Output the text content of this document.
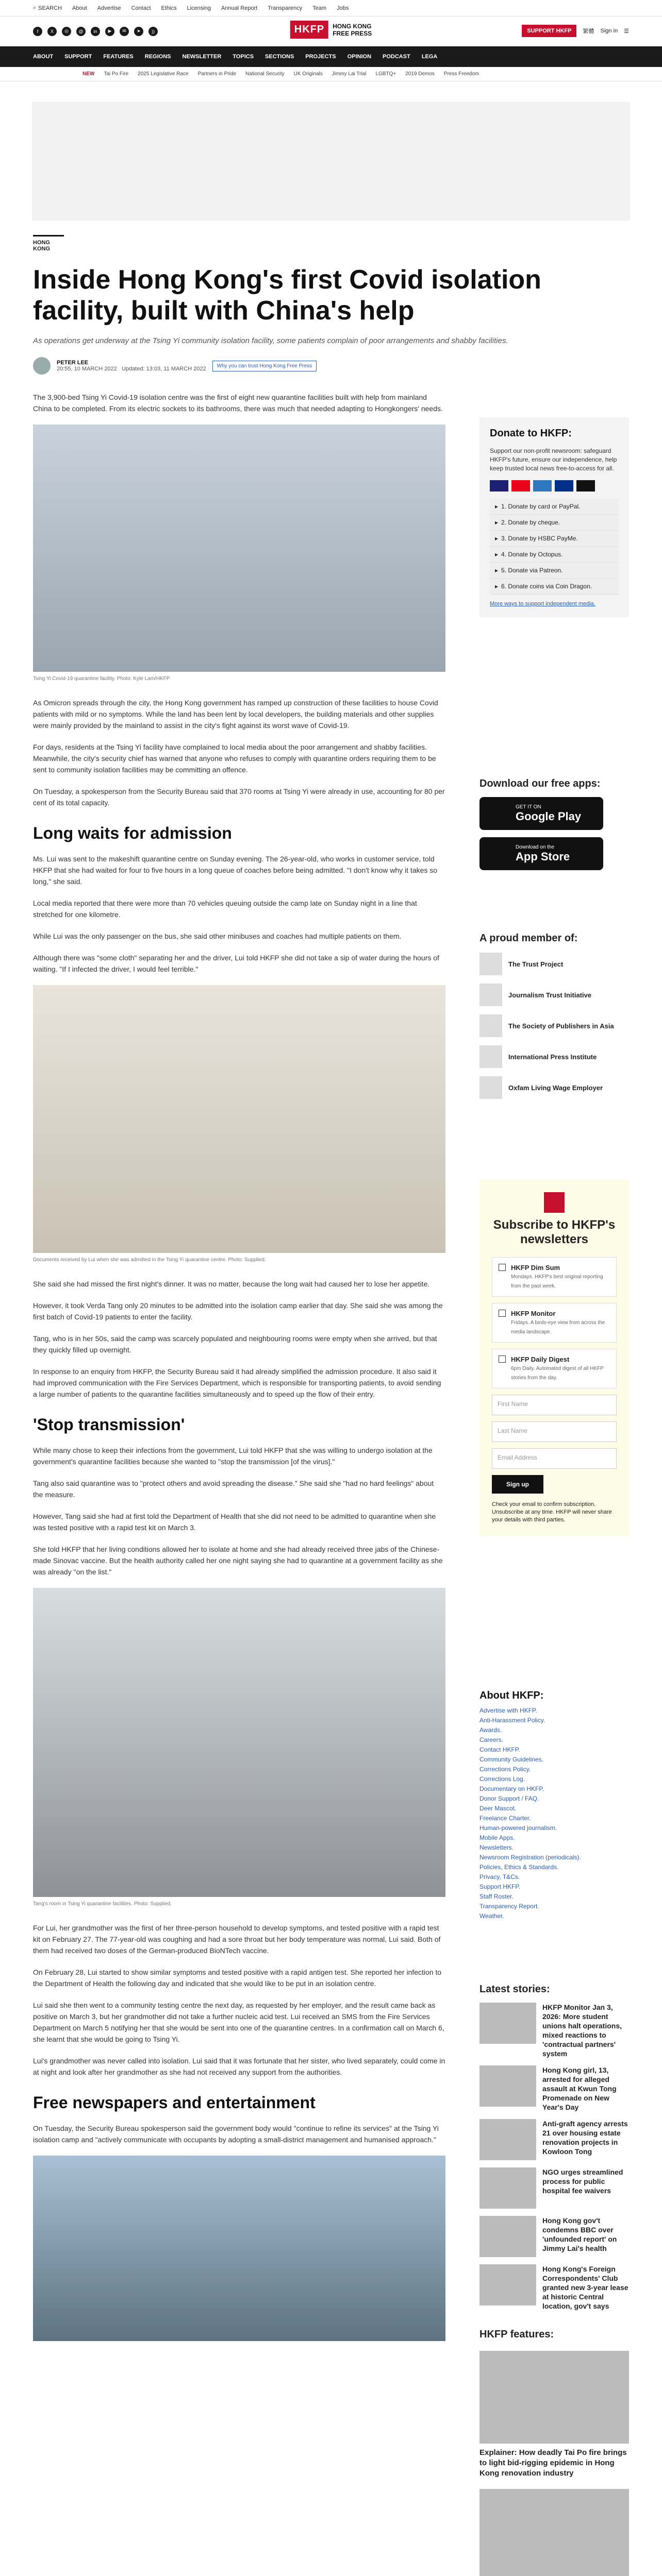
⌕ SEARCH About Advertise Contact Ethics Licensing Annual Report Transparency Team Jobs
f	X	◎	@	in	▶	✉	➤	))	HKFP	HONG KONG
FREE PRESS	SUPPORT HKFP	繁體 Sign in ☰
ABOUT SUPPORT FEATURES REGIONS NEWSLETTER TOPICS SECTIONS PROJECTS OPINION PODCAST LEGA
NEW Tai Po Fire 2025 Legislative Race Partners in Pride National Security UK Originals Jimmy Lai Trial LGBTQ+ 2019 Demos Press Freedom
HONG KONG
Inside Hong Kong's first Covid isolation facility, built with China's help
As operations get underway at the Tsing Yi community isolation facility, some patients complain of poor arrangements and shabby facilities.
PETER LEE
20:55, 10 MARCH 2022 Updated: 13:03, 11 MARCH 2022	Why you can trust Hong Kong Free Press

The 3,900-bed Tsing Yi Covid-19 isolation centre was the first of eight new quarantine facilities built with help from mainland China to be completed. From its electric sockets to its bathrooms, there was much that needed adapting to Hongkongers' needs.

Tsing Yi Covid-19 quarantine facility. Photo: Kyle Lam/HKFP

As Omicron spreads through the city, the Hong Kong government has ramped up construction of these facilities to house Covid patients with mild or no symptoms. While the land has been lent by local developers, the building materials and other supplies were mainly provided by the mainland to assist in the city's fight against its worst wave of Covid-19.

For days, residents at the Tsing Yi facility have complained to local media about the poor arrangement and shabby facilities. Meanwhile, the city's security chief has warned that anyone who refuses to comply with quarantine orders requiring them to be sent to community isolation facilities may be committing an offence.

On Tuesday, a spokesperson from the Security Bureau said that 370 rooms at Tsing Yi were already in use, accounting for 80 per cent of its total capacity.

Long waits for admission

Ms. Lui was sent to the makeshift quarantine centre on Sunday evening. The 26-year-old, who works in customer service, told HKFP that she had waited for four to five hours in a long queue of coaches before being admitted. "I don't know why it takes so long," she said.

Local media reported that there were more than 70 vehicles queuing outside the camp late on Sunday night in a line that stretched for one kilometre.

While Lui was the only passenger on the bus, she said other minibuses and coaches had multiple patients on them.

Although there was "some cloth" separating her and the driver, Lui told HKFP she did not take a sip of water during the hours of waiting. "If I infected the driver, I would feel terrible."

Documents received by Lui when she was admitted in the Tsing Yi quarantine centre. Photo: Supplied.

She said she had missed the first night's dinner. It was no matter, because the long wait had caused her to lose her appetite.

However, it took Verda Tang only 20 minutes to be admitted into the isolation camp earlier that day. She said she was among the first batch of Covid-19 patients to enter the facility.

Tang, who is in her 50s, said the camp was scarcely populated and neighbouring rooms were empty when she arrived, but that they quickly filled up overnight.

In response to an enquiry from HKFP, the Security Bureau said it had already simplified the admission procedure. It also said it had improved communication with the Fire Services Department, which is responsible for transporting patients, to avoid sending a large number of patients to the quarantine facilities simultaneously and to speed up the flow of their entry.

'Stop transmission'

While many chose to keep their infections from the government, Lui told HKFP that she was willing to undergo isolation at the government's quarantine facilities because she wanted to "stop the transmission [of the virus]."

Tang also said quarantine was to "protect others and avoid spreading the disease." She said she "had no hard feelings" about the measure.

However, Tang said she had at first told the Department of Health that she did not need to be admitted to quarantine when she was tested positive with a rapid test kit on March 3.

She told HKFP that her living conditions allowed her to isolate at home and she had already received three jabs of the Chinese-made Sinovac vaccine. But the health authority called her one night saying she had to quarantine at a government facility as she was already "on the list."

Tang's room in Tsing Yi quarantine facilities. Photo: Supplied.

For Lui, her grandmother was the first of her three-person household to develop symptoms, and tested positive with a rapid test kit on February 27. The 77-year-old was coughing and had a sore throat but her body temperature was normal, Lui said. Both of them had received two doses of the German-produced BioNTech vaccine.

On February 28, Lui started to show similar symptoms and tested positive with a rapid antigen test. She reported her infection to the Department of Health the following day and indicated that she would like to be put in an isolation centre.

Lui said she then went to a community testing centre the next day, as requested by her employer, and the result came back as positive on March 3, but her grandmother did not take a further nucleic acid test. Lui received an SMS from the Fire Services Department on March 5 notifying her that she would be sent into one of the quarantine centres. In a confirmation call on March 6, she learnt that she would be going to Tsing Yi.

Lui's grandmother was never called into isolation. Lui said that it was fortunate that her sister, who lived separately, could come in at night and look after her grandmother as she had not received any support from the authorities.

Free newspapers and entertainment

On Tuesday, the Security Bureau spokesperson said the government body would "continue to refine its services" at the Tsing Yi isolation camp and "actively communicate with occupants by adopting a small-district management and humanised approach."

Donate to HKFP:
Support our non-profit newsroom: safeguard HKFP's future, ensure our independence, help keep trusted local news free-to-access for all.
▸ 1. Donate by card or PayPal.
▸ 2. Donate by cheque.
▸ 3. Donate by HSBC PayMe.
▸ 4. Donate by Octopus.
▸ 5. Donate via Patreon.
▸ 6. Donate coins via Coin Dragon.
More ways to support independent media.
Download our free apps:
GET IT ON
Google Play
Download on the
App Store
A proud member of:
The Trust Project
Journalism Trust Initiative
The Society of Publishers in Asia
International Press Institute
Oxfam Living Wage Employer
Subscribe to HKFP's newsletters
HKFP Dim Sum
Mondays. HKFP's best original reporting from the past week.
HKFP Monitor
Fridays. A birds-eye view from across the media landscape.
HKFP Daily Digest
6pm Daily. Automated digest of all HKFP stories from the day.
First Name
Last Name
Email Address
Sign up
Check your email to confirm subscription. Unsubscribe at any time. HKFP will never share your details with third parties.
About HKFP:
Advertise with HKFP.
Anti-Harassment Policy.
Awards.
Careers.
Contact HKFP.
Community Guidelines.
Corrections Policy.
Corrections Log.
Documentary on HKFP.
Donor Support / FAQ.
Deer Mascot.
Freelance Charter.
Human-powered journalism.
Mobile Apps.
Newsletters.
Newsroom Registration (periodicals).
Policies, Ethics & Standards.
Privacy, T&Cs.
Support HKFP.
Staff Roster.
Transparency Report.
Weather.
Latest stories:
HKFP Monitor Jan 3, 2026: More student unions halt operations, mixed reactions to 'contractual partners' system
Hong Kong girl, 13, arrested for alleged assault at Kwun Tong Promenade on New Year's Day
Anti-graft agency arrests 21 over housing estate renovation projects in Kowloon Tong
NGO urges streamlined process for public hospital fee waivers
Hong Kong gov't condemns BBC over 'unfounded report' on Jimmy Lai's health
Hong Kong's Foreign Correspondents' Club granted new 3-year lease at historic Central location, gov't says
HKFP features:
Explainer: How deadly Tai Po fire brings to light bid-rigging epidemic in Hong Kong renovation industry
